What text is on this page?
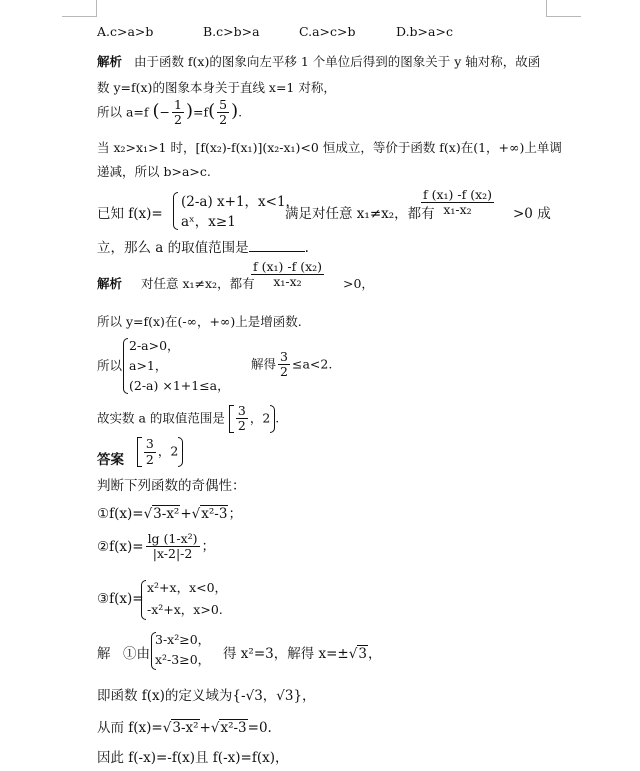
A.c>a>b	B.c>b>a	C.a>c>b	D.b>a>c
解析 由于函数 f(x)的图象向左平移 1 个单位后得到的图象关于 y 轴对称，故函
数 y=f(x)的图象本身关于直线 x=1 对称，
所以 a=f (− $\frac{1}{2} )=f( \frac{5}{2}$ ).
当 x₂>x₁>1 时，[f(x₂)-f(x₁)](x₂-x₁)<0 恒成立，等价于函数 f(x)在(1，+∞)上单调
递减，所以 b>a>c.
已知 f(x)=
(2-a) x+1，x<1，
aˣ，x≥1	满足对任意 x₁≠x₂，都有
$\frac{\text{f (x₁) -f (x₂)}}{\text{x₁-x₂}} >0$ 成
立，那么 a 的取值范围是	.
解析 对任意 x₁≠x₂，都有
$\frac{\text{f (x₁) -f (x₂)}}{\text{x₁-x₂}} >0$，
所以 y=f(x)在(-∞，+∞)上是增函数.
所以
2-a>0，
a>1，
(2-a) ×1+1≤a，
解得 $\frac{3}{2} \le a<2$.
故实数 a 的取值范围是 $\frac{3}{2}$ ，2 .
答案 $\frac{3}{2}$ ，2
判断下列函数的奇偶性：
①f(x)=√3-x²+√x²-3；
②f(x)= $\frac{\text{lg (1-x²)}}{|x-2|-2}$ ；
③f(x)=
x²+x，x<0，
-x²+x，x>0.
解 ①由
3-x²≥0，
x²-3≥0， 得 x²=3，解得 x=±√3，
即函数 f(x)的定义域为{-√3，√3}，
从而 f(x)=√3-x²+√x²-3=0.
因此 f(-x)=-f(x)且 f(-x)=f(x)，
